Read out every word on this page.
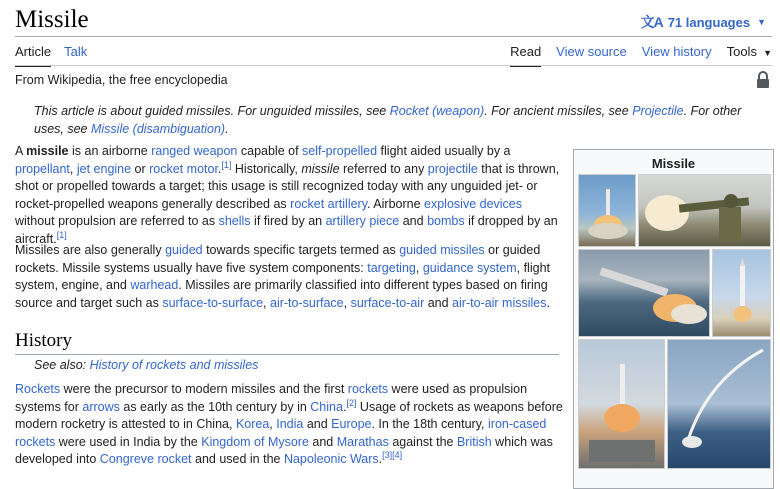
Missile	文A 71 languages ▼
Article Talk	Read View source View history Tools  ▼
From Wikipedia, the free encyclopedia
This article is about guided missiles. For unguided missiles, see Rocket (weapon). For ancient missiles, see Projectile. For other uses, see Missile (disambiguation).

A missile is an airborne ranged weapon capable of self-propelled flight aided usually by a propellant, jet engine or rocket motor.[1] Historically, missile referred to any projectile that is thrown, shot or propelled towards a target; this usage is still recognized today with any unguided jet- or rocket-propelled weapons generally described as rocket artillery. Airborne explosive devices without propulsion are referred to as shells if fired by an artillery piece and bombs if dropped by an aircraft.[1]

Missiles are also generally guided towards specific targets termed as guided missiles or guided rockets. Missile systems usually have five system components: targeting, guidance system, flight system, engine, and warhead. Missiles are primarily classified into different types based on firing source and target such as surface-to-surface, air-to-surface, surface-to-air and air-to-air missiles.

History
See also: History of rockets and missiles

Rockets were the precursor to modern missiles and the first rockets were used as propulsion systems for arrows as early as the 10th century by in China.[2] Usage of rockets as weapons before modern rocketry is attested to in China, Korea, India and Europe. In the 18th century, iron-cased rockets were used in India by the Kingdom of Mysore and Marathas against the British which was developed into Congreve rocket and used in the Napoleonic Wars.[3][4]

Missile
